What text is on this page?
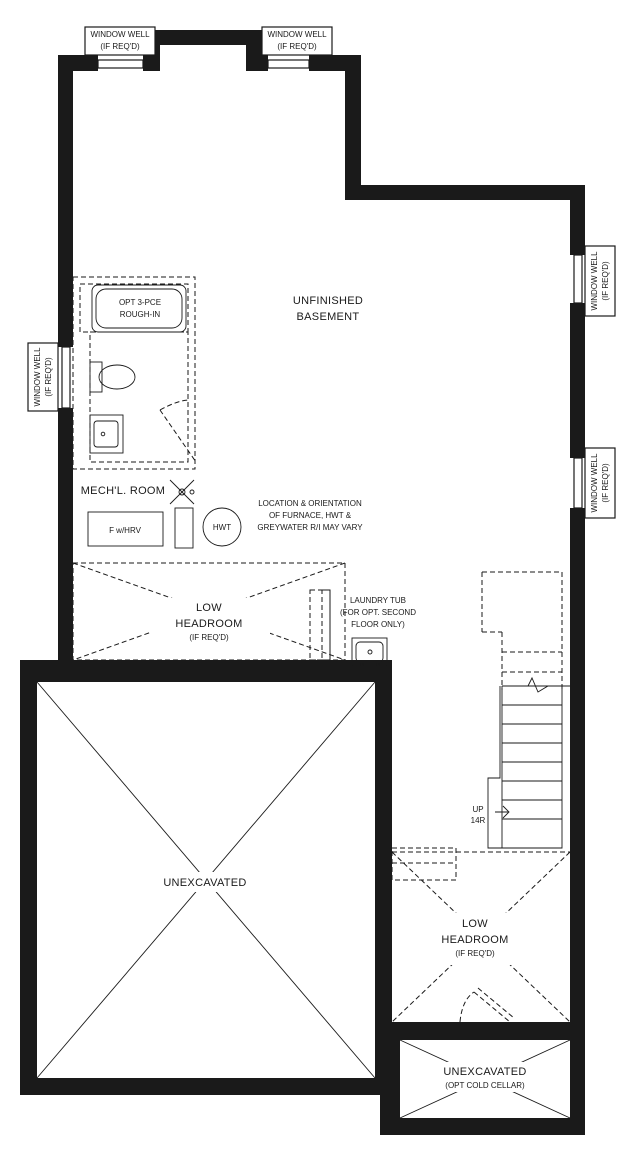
WINDOW WELL
(IF REQ'D)
WINDOW WELL
(IF REQ'D)
WINDOW WELL (IF REQ'D)
WINDOW WELL (IF REQ'D)
WINDOW WELL (IF REQ'D)
UNFINISHED
BASEMENT
OPT 3-PCE
ROUGH-IN
MECH'L. ROOM
F w/HRV	HWT
LOCATION & ORIENTATION
OF FURNACE, HWT &
GREYWATER R/I MAY VARY
LOW
HEADROOM
(IF REQ'D)
LAUNDRY TUB
(FOR OPT. SECOND
FLOOR ONLY)
UP
14R
UNEXCAVATED
LOW
HEADROOM
(IF REQ'D)
UNEXCAVATED
(OPT COLD CELLAR)
